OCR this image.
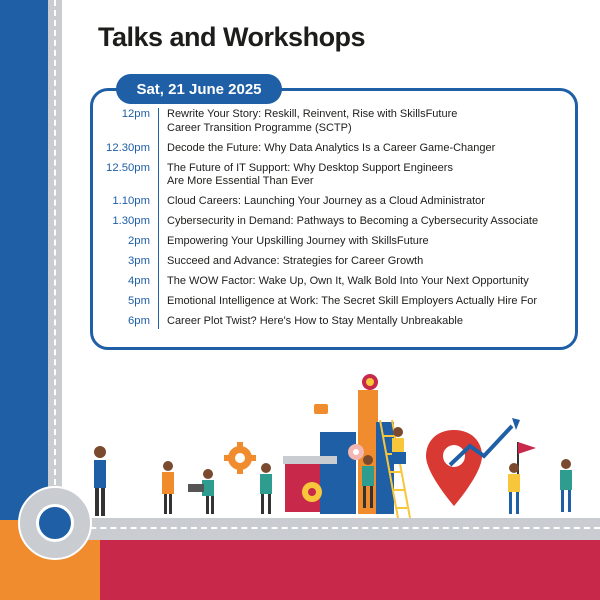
Talks and Workshops
Sat, 21 June 2025
12pm	Rewrite Your Story: Reskill, Reinvent, Rise with SkillsFuture
Career Transition Programme (SCTP)
12.30pm	Decode the Future: Why Data Analytics Is a Career Game-Changer
12.50pm	The Future of IT Support: Why Desktop Support Engineers
Are More Essential Than Ever
1.10pm	Cloud Careers: Launching Your Journey as a Cloud Administrator
1.30pm	Cybersecurity in Demand: Pathways to Becoming a Cybersecurity Associate
2pm	Empowering Your Upskilling Journey with SkillsFuture
3pm	Succeed and Advance: Strategies for Career Growth
4pm	The WOW Factor: Wake Up, Own It, Walk Bold Into Your Next Opportunity
5pm	Emotional Intelligence at Work: The Secret Skill Employers Actually Hire For
6pm	Career Plot Twist? Here's How to Stay Mentally Unbreakable
